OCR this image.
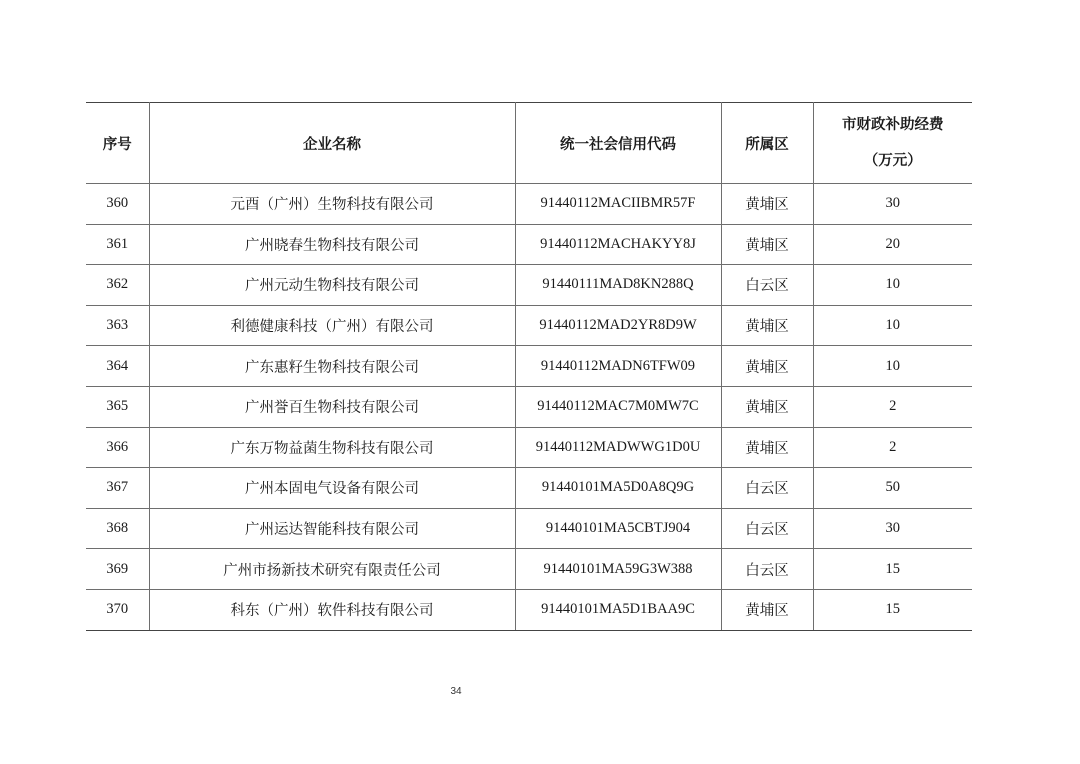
序号	企业名称	统一社会信用代码	所属区	市财政补助经费
（万元）

360	元酉（广州）生物科技有限公司	91440112MACIIBMR57F	黄埔区	30
361	广州晓春生物科技有限公司	91440112MACHAKYY8J	黄埔区	20
362	广州元动生物科技有限公司	91440111MAD8KN288Q	白云区	10
363	利德健康科技（广州）有限公司	91440112MAD2YR8D9W	黄埔区	10
364	广东惠籽生物科技有限公司	91440112MADN6TFW09	黄埔区	10
365	广州誉百生物科技有限公司	91440112MAC7M0MW7C	黄埔区	2
366	广东万物益菌生物科技有限公司	91440112MADWWG1D0U	黄埔区	2
367	广州本固电气设备有限公司	91440101MA5D0A8Q9G	白云区	50
368	广州运达智能科技有限公司	91440101MA5CBTJ904	白云区	30
369	广州市扬新技术研究有限责任公司	91440101MA59G3W388	白云区	15
370	科东（广州）软件科技有限公司	91440101MA5D1BAA9C	黄埔区	15
34
